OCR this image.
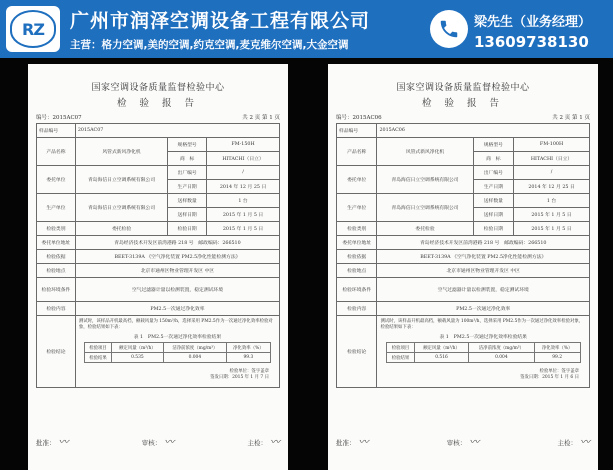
RZ	广州市润泽空调设备工程有限公司
主营：格力空调,美的空调,约克空调,麦克维尔空调,大金空调
梁先生（业务经理）
13609738130
国家空调设备质量监督检验中心
检 验 报 告
编号：2015AC07	共 2 页 第 1 页
样品编号	2015AC07
产品名称	风管式新风净化机	规格型号	FM-150H
商　标	HITACHI（日立）
委托单位	青岛海信日立空调系统有限公司	出厂编号	/
生产日期	2014 年 12 月 25 日
生产单位	青岛海信日立空调系统有限公司	送样数量	1 台
送样日期	2015 年 1 月 5 日
检验类别	委托检验	检验日期	2015 年 1 月 5 日
委托单位地址	青岛经济技术开发区前湾港路 218 号　邮政编码：266510
检验依据	BEET-3139A 《空气净化装置 PM2.5净化性能检测方法》
检验地点	北京市通州区物业管理开发区 中区
检验环境条件	空气过滤器计量以检测装置，稳定测试环境
检验内容	PM2.5一次通过净化效率
检验结论	
测试时，该样品开机最高档，额载风量为 150m³/h，选择采用 PM2.5作为一次通过净化效率检验对象，检验结果如下表：
表 1　PM2.5一次通过净化效率检验结果
检验项目	额定风量（m³/h）	洁净前浓度（mg/m³）	净化效率（%）
检验结果	0.535	0.004	99.3
检验单位：签字盖章
签发日期：2015 年 1 月 7 日
批准： 〰	审核： 〰	主检： 〰
国家空调设备质量监督检验中心
检 验 报 告
编号：2015AC06	共 2 页 第 1 页
样品编号	2015AC06
产品名称	风管式新风净化机	规格型号	FM-100H
商　标	HITACHI（日立）
委托单位	青岛海信日立空调系统有限公司	出厂编号	/
生产日期	2014 年 12 月 25 日
生产单位	青岛海信日立空调系统有限公司	送样数量	1 台
送样日期	2015 年 1 月 5 日
检验类别	委托检验	检验日期	2015 年 1 月 5 日
委托单位地址	青岛经济技术开发区前湾港路 218 号　邮政编码：266510
检验依据	BEET-3139A 《空气净化装置 PM2.5净化性能检测方法》
检验地点	北京市通州区物业管理开发区 中区
检验环境条件	空气过滤器计量以检测装置，稳定测试环境
检验内容	PM2.5一次通过净化效率
检验结论	
测试时，该样品开机最高档，额载风量为 100m³/h，选择采用 PM2.5作为一次通过净化效率检验对象，检验结果如下表：
表 1　PM2.5一次通过净化效率检验结果
检验项目	额定风量（m³/h）	洁净前浓度（mg/m³）	净化效率（%）
检验结果	0.516	0.004	99.2
检验单位：签字盖章
签发日期：2015 年 1 月 6 日
批准： 〰	审核： 〰	主检： 〰
